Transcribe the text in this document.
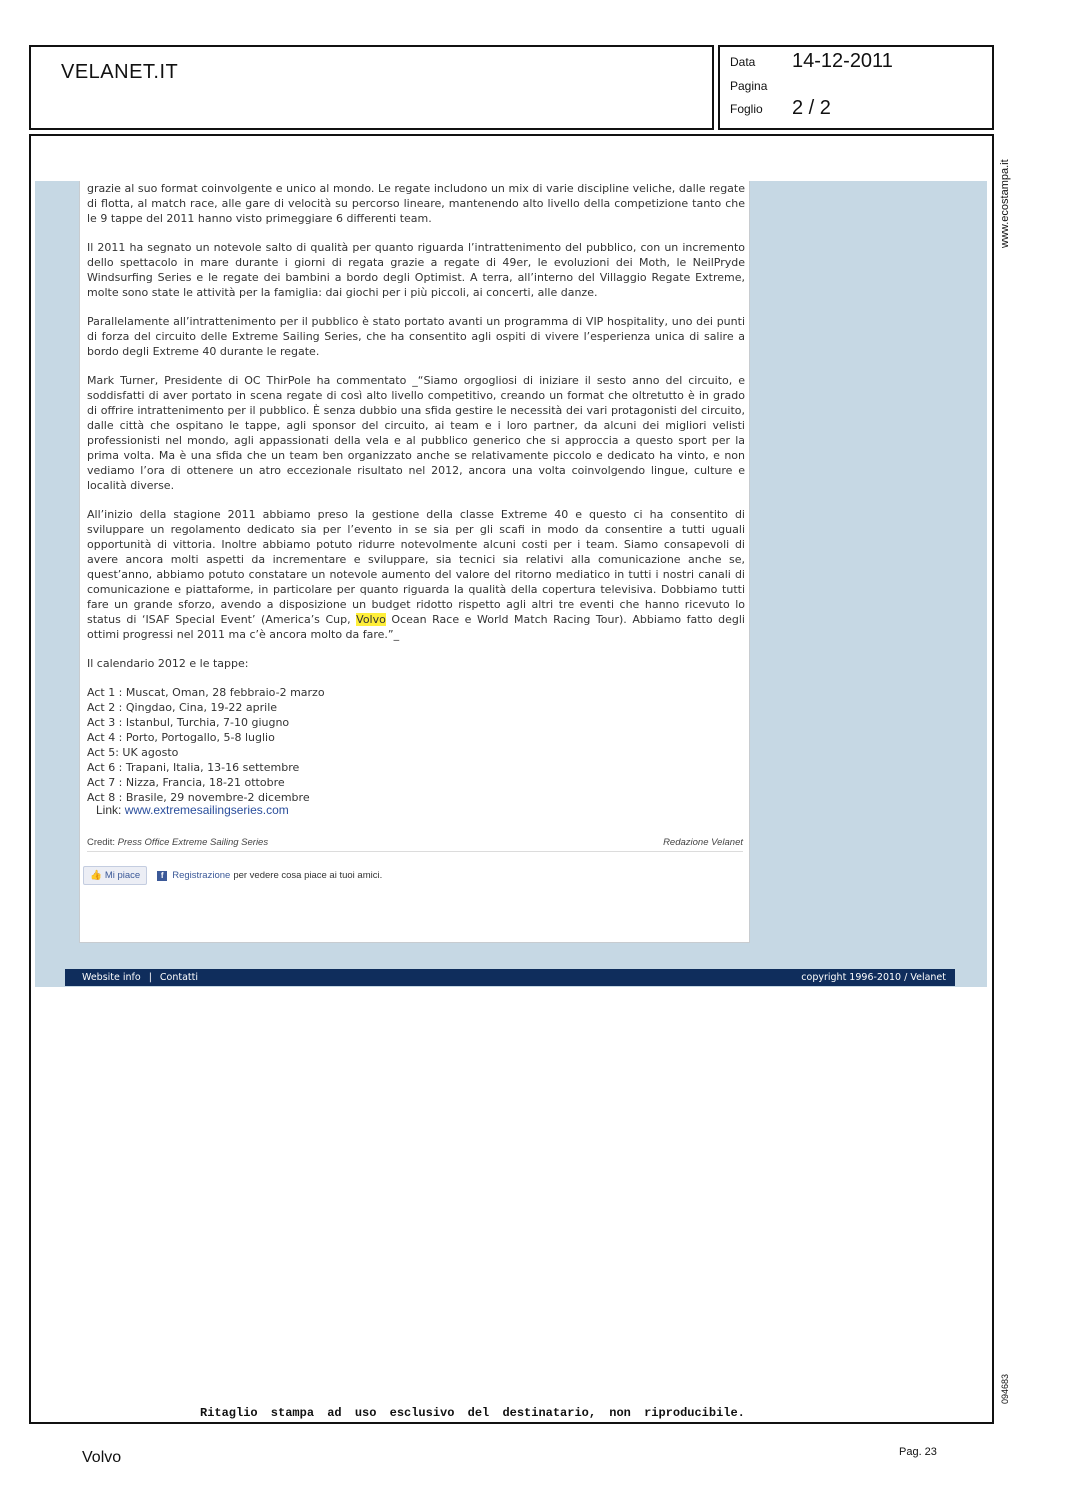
VELANET.IT	Data 14-12-2011
Pagina
Foglio 2 / 2

grazie al suo format coinvolgente e unico al mondo. Le regate includono un mix di varie discipline veliche, dalle regate di flotta, al match race, alle gare di velocità su percorso lineare, mantenendo alto livello della competizione tanto che le 9 tappe del 2011 hanno visto primeggiare 6 differenti team.

Il 2011 ha segnato un notevole salto di qualità per quanto riguarda l’intrattenimento del pubblico, con un incremento dello spettacolo in mare durante i giorni di regata grazie a regate di 49er, le evoluzioni dei Moth, le NeilPryde Windsurfing Series e le regate dei bambini a bordo degli Optimist. A terra, all’interno del Villaggio Regate Extreme, molte sono state le attività per la famiglia: dai giochi per i più piccoli, ai concerti, alle danze.

Parallelamente all’intrattenimento per il pubblico è stato portato avanti un programma di VIP hospitality, uno dei punti di forza del circuito delle Extreme Sailing Series, che ha consentito agli ospiti di vivere l’esperienza unica di salire a bordo degli Extreme 40 durante le regate.

Mark Turner, Presidente di OC ThirPole ha commentato _“Siamo orgogliosi di iniziare il sesto anno del circuito, e soddisfatti di aver portato in scena regate di così alto livello competitivo, creando un format che oltretutto è in grado di offrire intrattenimento per il pubblico. È senza dubbio una sfida gestire le necessità dei vari protagonisti del circuito, dalle città che ospitano le tappe, agli sponsor del circuito, ai team e i loro partner, da alcuni dei migliori velisti professionisti nel mondo, agli appassionati della vela e al pubblico generico che si approccia a questo sport per la prima volta. Ma è una sfida che un team ben organizzato anche se relativamente piccolo e dedicato ha vinto, e non vediamo l’ora di ottenere un atro eccezionale risultato nel 2012, ancora una volta coinvolgendo lingue, culture e località diverse.

All’inizio della stagione 2011 abbiamo preso la gestione della classe Extreme 40 e questo ci ha consentito di sviluppare un regolamento dedicato sia per l’evento in se sia per gli scafi in modo da consentire a tutti uguali opportunità di vittoria. Inoltre abbiamo potuto ridurre notevolmente alcuni costi per i team. Siamo consapevoli di avere ancora molti aspetti da incrementare e sviluppare, sia tecnici sia relativi alla comunicazione anche se, quest’anno, abbiamo potuto constatare un notevole aumento del valore del ritorno mediatico in tutti i nostri canali di comunicazione e piattaforme, in particolare per quanto riguarda la qualità della copertura televisiva. Dobbiamo tutti fare un grande sforzo, avendo a disposizione un budget ridotto rispetto agli altri tre eventi che hanno ricevuto lo status di ‘ISAF Special Event’ (America’s Cup, Volvo Ocean Race e World Match Racing Tour). Abbiamo fatto degli ottimi progressi nel 2011 ma c’è ancora molto da fare.”_

Il calendario 2012 e le tappe:

Act 1 : Muscat, Oman, 28 febbraio-2 marzo
Act 2 : Qingdao, Cina, 19-22 aprile
Act 3 : Istanbul, Turchia, 7-10 giugno
Act 4 : Porto, Portogallo, 5-8 luglio
Act 5: UK agosto
Act 6 : Trapani, Italia, 13-16 settembre
Act 7 : Nizza, Francia, 18-21 ottobre
Act 8 : Brasile, 29 novembre-2 dicembre
Link: www.extremesailingseries.com
Credit: Press Office Extreme Sailing Series	Redazione Velanet
👍 Mi piace	f Registrazione per vedere cosa piace ai tuoi amici.
Website info | Contatti	copyright 1996-2010 / Velanet
www.ecostampa.it
094683
Ritaglio stampa ad uso esclusivo del destinatario, non riproducibile.
Volvo	Pag. 23
